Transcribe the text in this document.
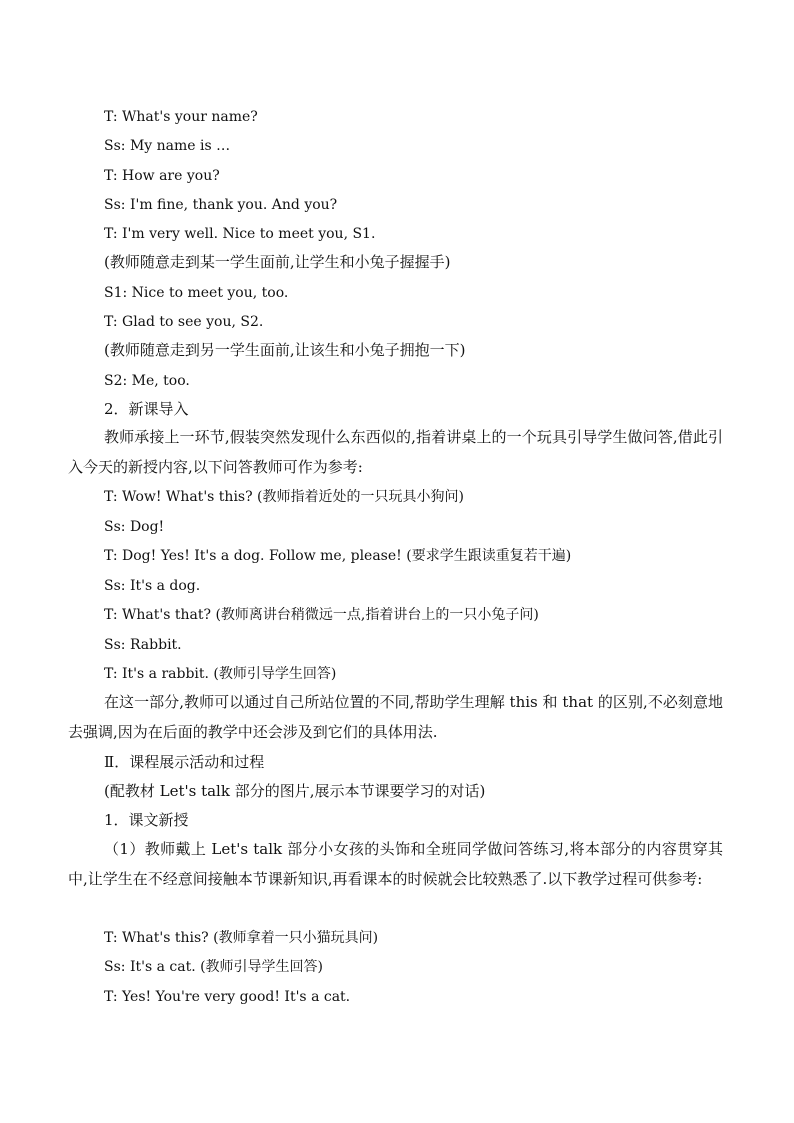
T: What's your name?
Ss: My name is …
T: How are you?
Ss: I'm fine, thank you. And you?
T: I'm very well. Nice to meet you, S1.
(教师随意走到某一学生面前,让学生和小兔子握握手)
S1: Nice to meet you, too.
T: Glad to see you, S2.
(教师随意走到另一学生面前,让该生和小兔子拥抱一下)
S2: Me, too.
2．新课导入
教师承接上一环节,假装突然发现什么东西似的,指着讲桌上的一个玩具引导学生做问答,借此引入今天的新授内容,以下问答教师可作为参考:
T: Wow! What's this? (教师指着近处的一只玩具小狗问)
Ss: Dog!
T: Dog! Yes! It's a dog. Follow me, please! (要求学生跟读重复若干遍)
Ss: It's a dog.
T: What's that? (教师离讲台稍微远一点,指着讲台上的一只小兔子问)
Ss: Rabbit.
T: It's a rabbit. (教师引导学生回答)
在这一部分,教师可以通过自己所站位置的不同,帮助学生理解 this 和 that 的区别,不必刻意地去强调,因为在后面的教学中还会涉及到它们的具体用法.
Ⅱ．课程展示活动和过程
(配教材 Let's talk 部分的图片,展示本节课要学习的对话)
1．课文新授
（1）教师戴上 Let's talk 部分小女孩的头饰和全班同学做问答练习,将本部分的内容贯穿其中,让学生在不经意间接触本节课新知识,再看课本的时候就会比较熟悉了.以下教学过程可供参考:
T: What's this? (教师拿着一只小猫玩具问)
Ss: It's a cat. (教师引导学生回答)
T: Yes! You're very good! It's a cat.
